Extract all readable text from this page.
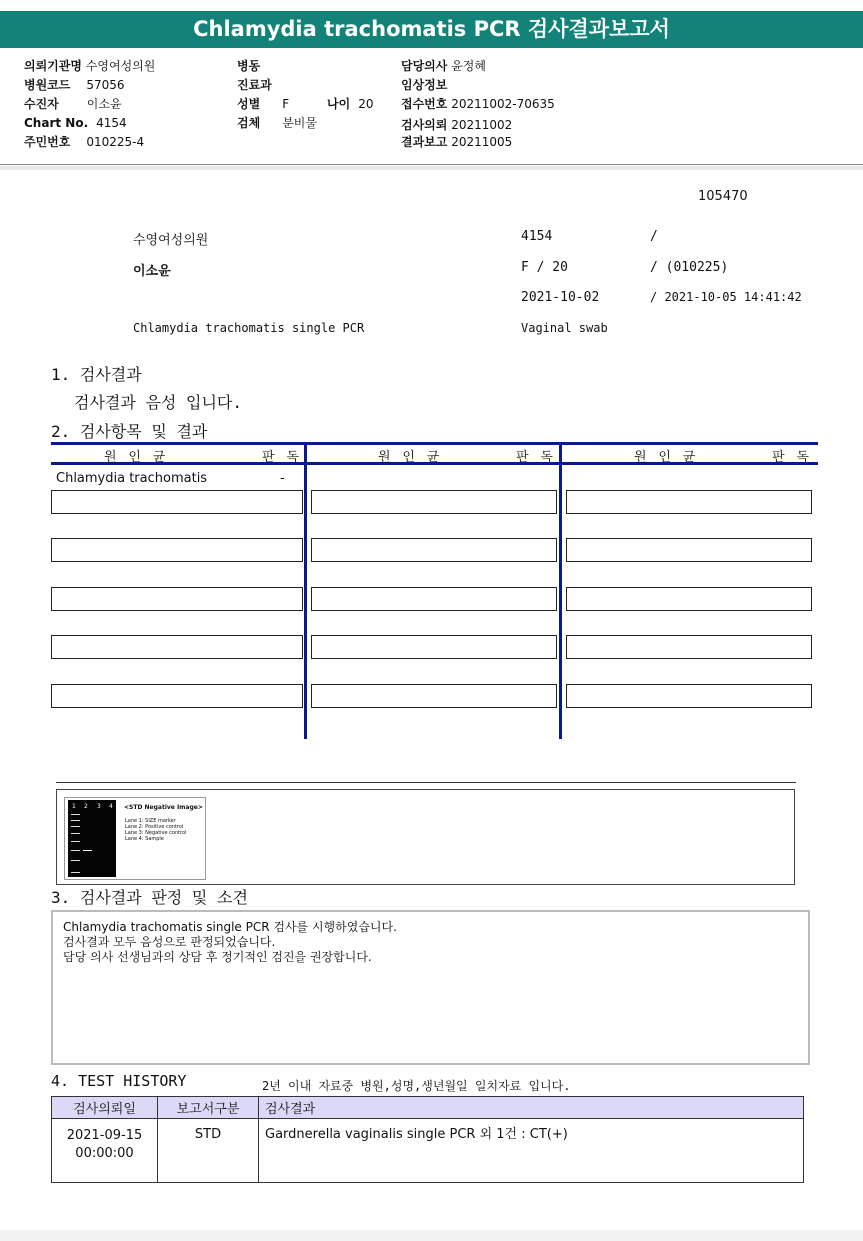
Chlamydia trachomatis PCR 검사결과보고서
의뢰기관명 수영여성의원
병원코드 57056
수진자 이소윤
Chart No. 4154
주민번호 010225-4
병동
진료과
성별 F	나이 20
검체 분비물
담당의사 윤정혜
임상정보
접수번호 20211002-70635
검사의뢰 20211002
결과보고 20211005
105470
수영여성의원	4154	/
이소윤	F / 20	/ (010225)
2021-10-02	/ 2021-10-05 14:41:42
Chlamydia trachomatis single PCR	Vaginal swab
1. 검사결과
검사결과 음성 입니다.
2. 검사항목 및 결과
원 인 균	판 독	원 인 균	판 독	원 인 균	판 독
Chlamydia trachomatis	-
1 2 3 4 <STD Negative Image>
Lane 1: SIZE marker
Lane 2: Positive control
Lane 3: Negative control
Lane 4: Sample
3. 검사결과 판정 및 소견
Chlamydia trachomatis single PCR 검사를 시행하였습니다.
검사결과 모두 음성으로 판정되었습니다.
담당 의사 선생님과의 상담 후 정기적인 검진을 권장합니다.
4. TEST HISTORY	2년 이내 자료중 병원,성명,생년월일 일치자료 입니다.
검사의뢰일	보고서구분	검사결과

2021-09-15
00:00:00	STD	Gardnerella vaginalis single PCR 외 1건 : CT(+)
